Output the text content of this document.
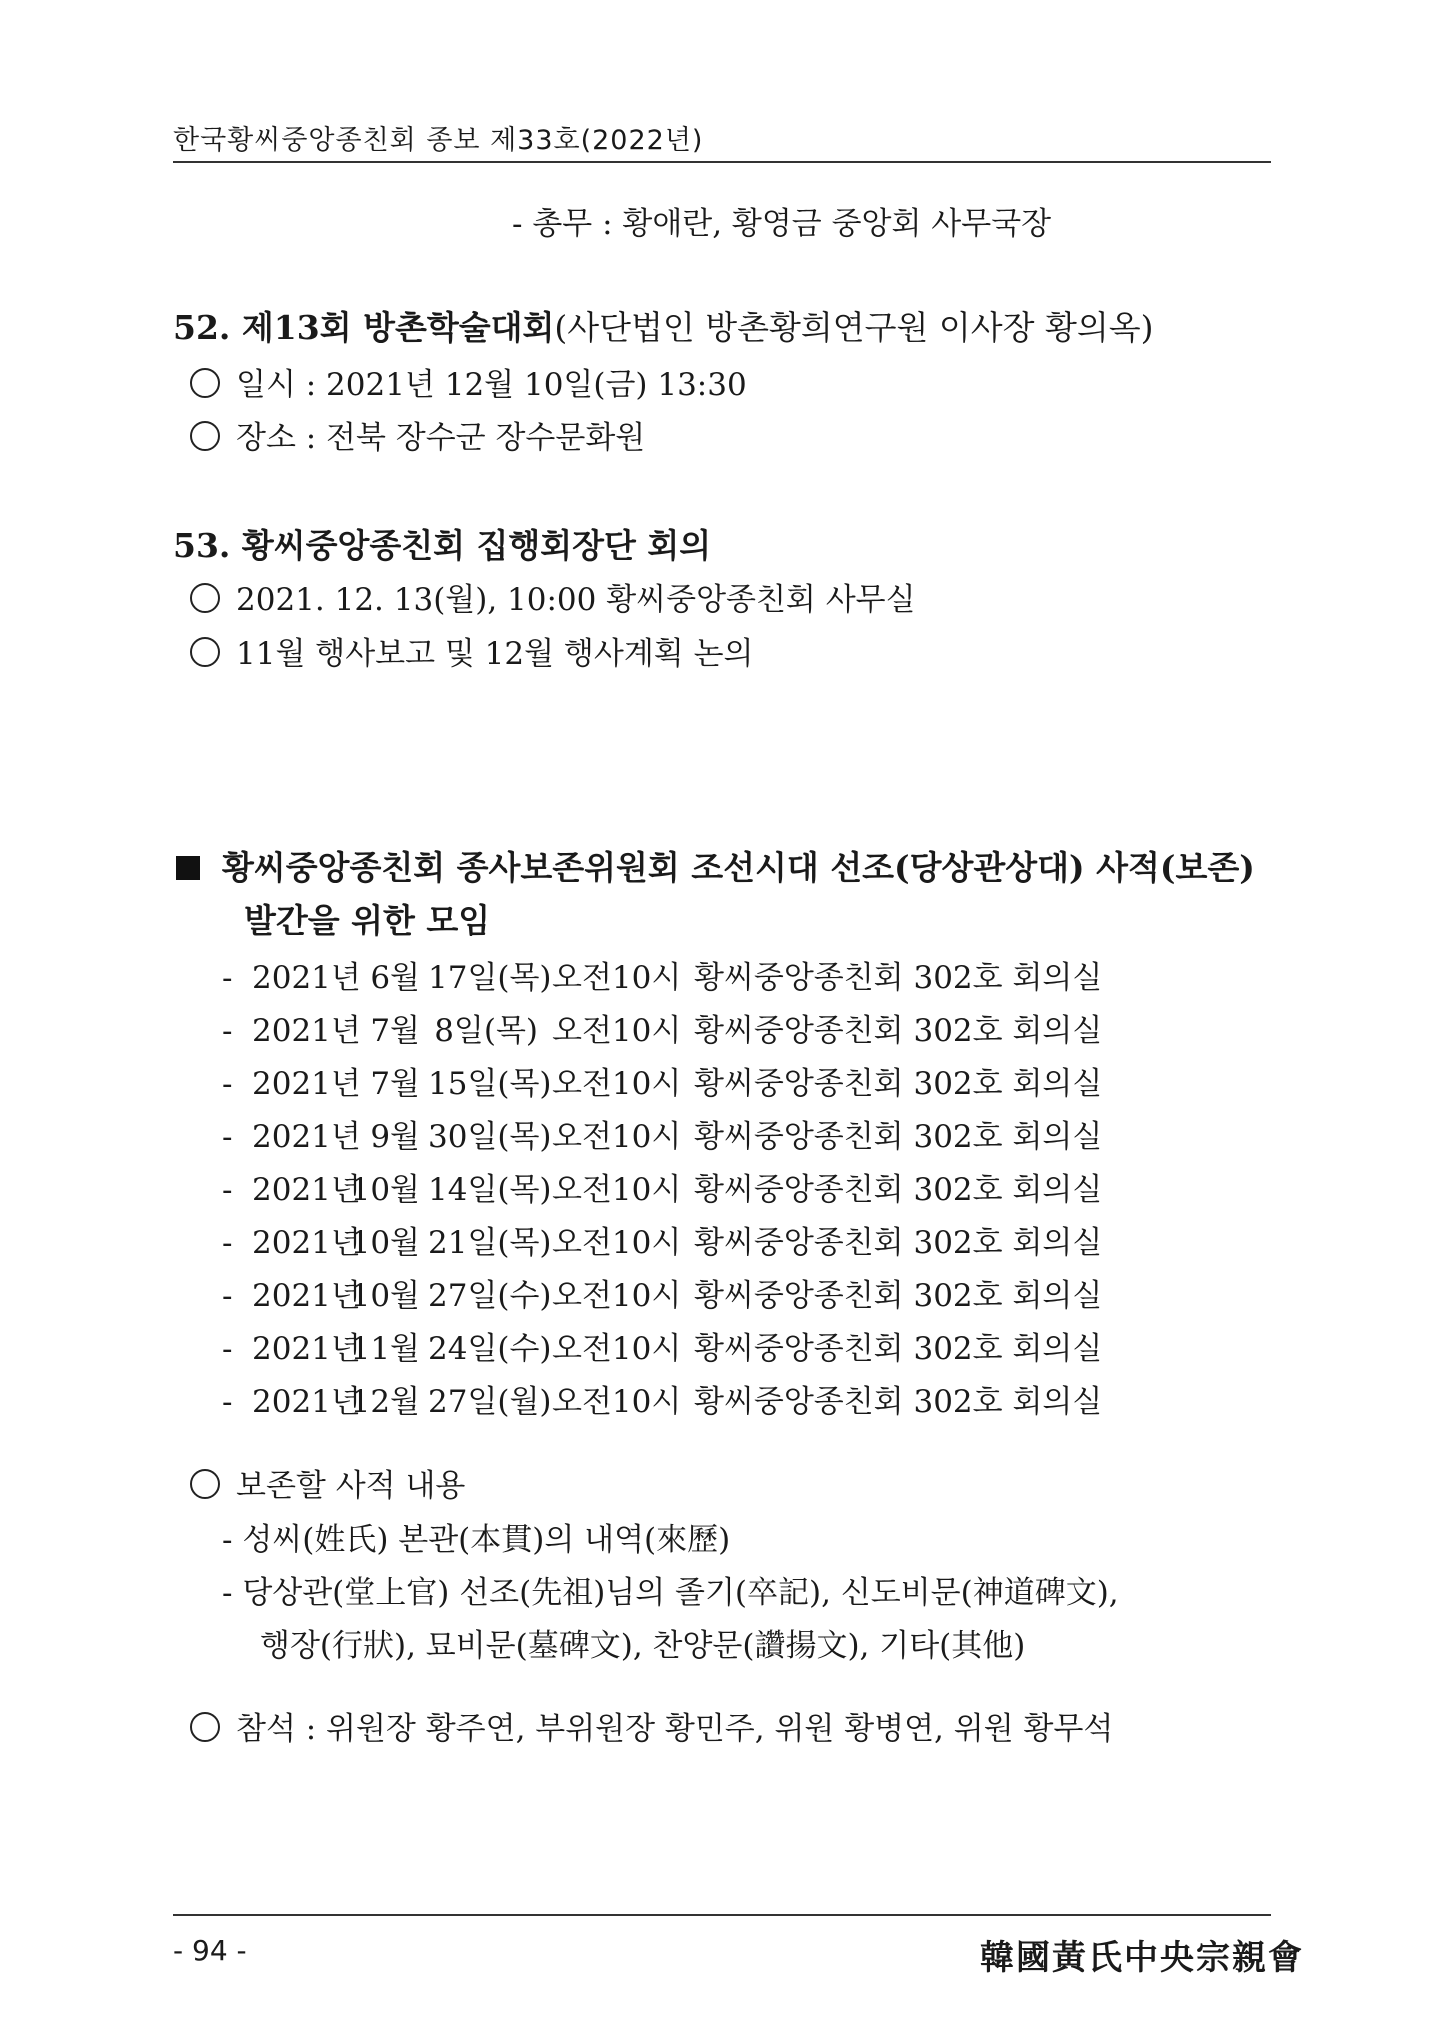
한국황씨중앙종친회 종보 제33호(2022년)
- 총무 : 황애란, 황영금 중앙회 사무국장
52. 제13회 방촌학술대회(사단법인 방촌황희연구원 이사장 황의옥)
일시 : 2021년 12월 10일(금) 13:30
장소 : 전북 장수군 장수문화원
53. 황씨중앙종친회 집행회장단 회의
2021. 12. 13(월), 10:00 황씨중앙종친회 사무실
11월 행사보고 및 12월 행사계획 논의
황씨중앙종친회 종사보존위원회 조선시대 선조(당상관상대) 사적(보존)
발간을 위한 모임
- 2021년 6월 17일(목)오전10시 황씨중앙종친회 302호 회의실
- 2021년 7월 8일(목) 오전10시 황씨중앙종친회 302호 회의실
- 2021년 7월 15일(목)오전10시 황씨중앙종친회 302호 회의실
- 2021년 9월 30일(목)오전10시 황씨중앙종친회 302호 회의실
- 2021년10월 14일(목)오전10시 황씨중앙종친회 302호 회의실
- 2021년10월 21일(목)오전10시 황씨중앙종친회 302호 회의실
- 2021년10월 27일(수)오전10시 황씨중앙종친회 302호 회의실
- 2021년11월 24일(수)오전10시 황씨중앙종친회 302호 회의실
- 2021년12월 27일(월)오전10시 황씨중앙종친회 302호 회의실
보존할 사적 내용
- 성씨(姓氏) 본관(本貫)의 내역(來歷)
- 당상관(堂上官) 선조(先祖)님의 졸기(卒記), 신도비문(神道碑文),
행장(行狀), 묘비문(墓碑文), 찬양문(讚揚文), 기타(其他)
참석 : 위원장 황주연, 부위원장 황민주, 위원 황병연, 위원 황무석
- 94 -	韓國黃氏中央宗親會
